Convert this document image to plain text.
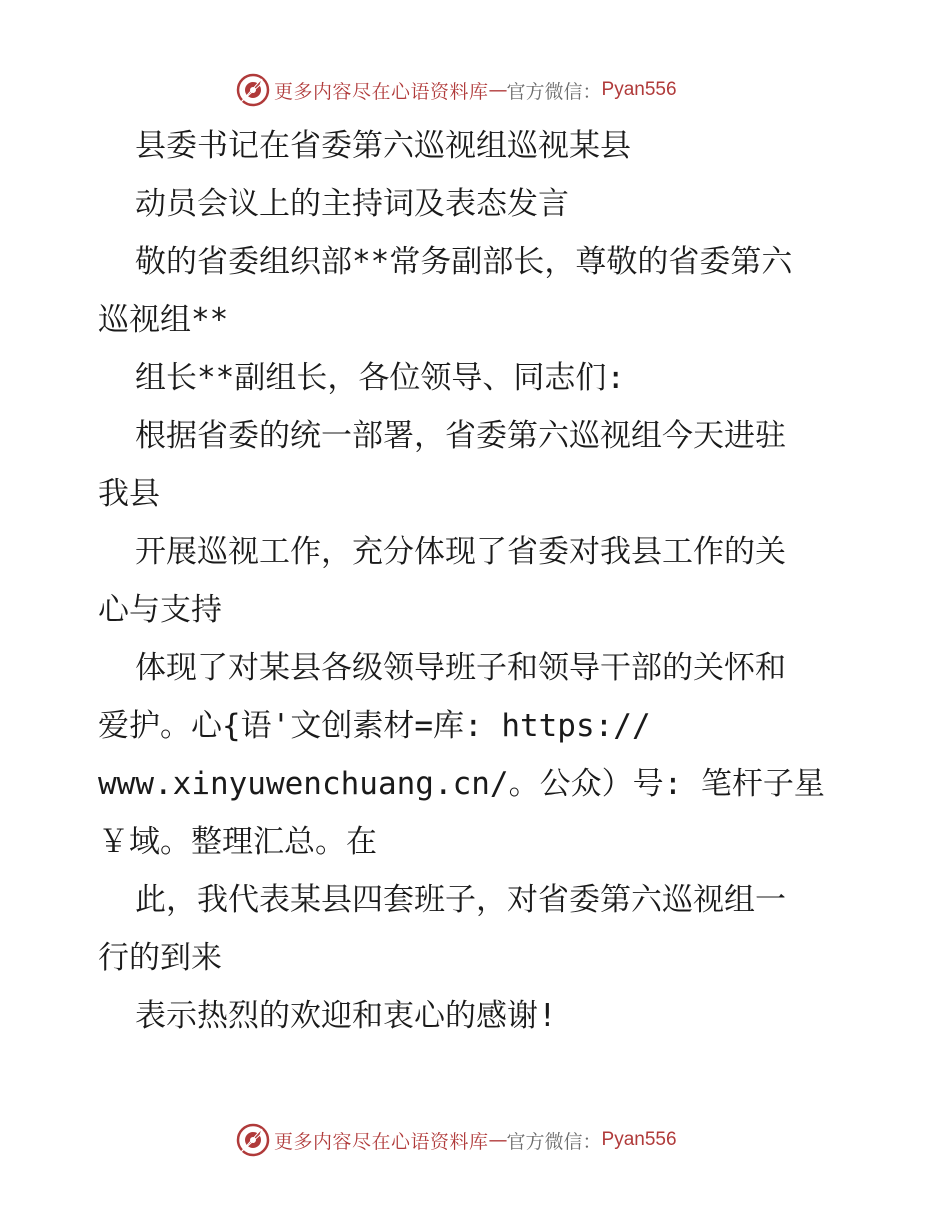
更多内容尽在心语资料库 — 官方微信： Pyan556
县委书记在省委第六巡视组巡视某县
动员会议上的主持词及表态发言
敬的省委组织部**常务副部长，尊敬的省委第六
巡视组**
组长**副组长，各位领导、同志们:
根据省委的统一部署，省委第六巡视组今天进驻
我县
开展巡视工作，充分体现了省委对我县工作的关
心与支持
体现了对某县各级领导班子和领导干部的关怀和
爱护。心{语'文创素材=库: https://
www.xinyuwenchuang.cn/。公众）号: 笔杆子星
￥域。整理汇总。在
此，我代表某县四套班子，对省委第六巡视组一
行的到来
表示热烈的欢迎和衷心的感谢!
更多内容尽在心语资料库 — 官方微信： Pyan556
